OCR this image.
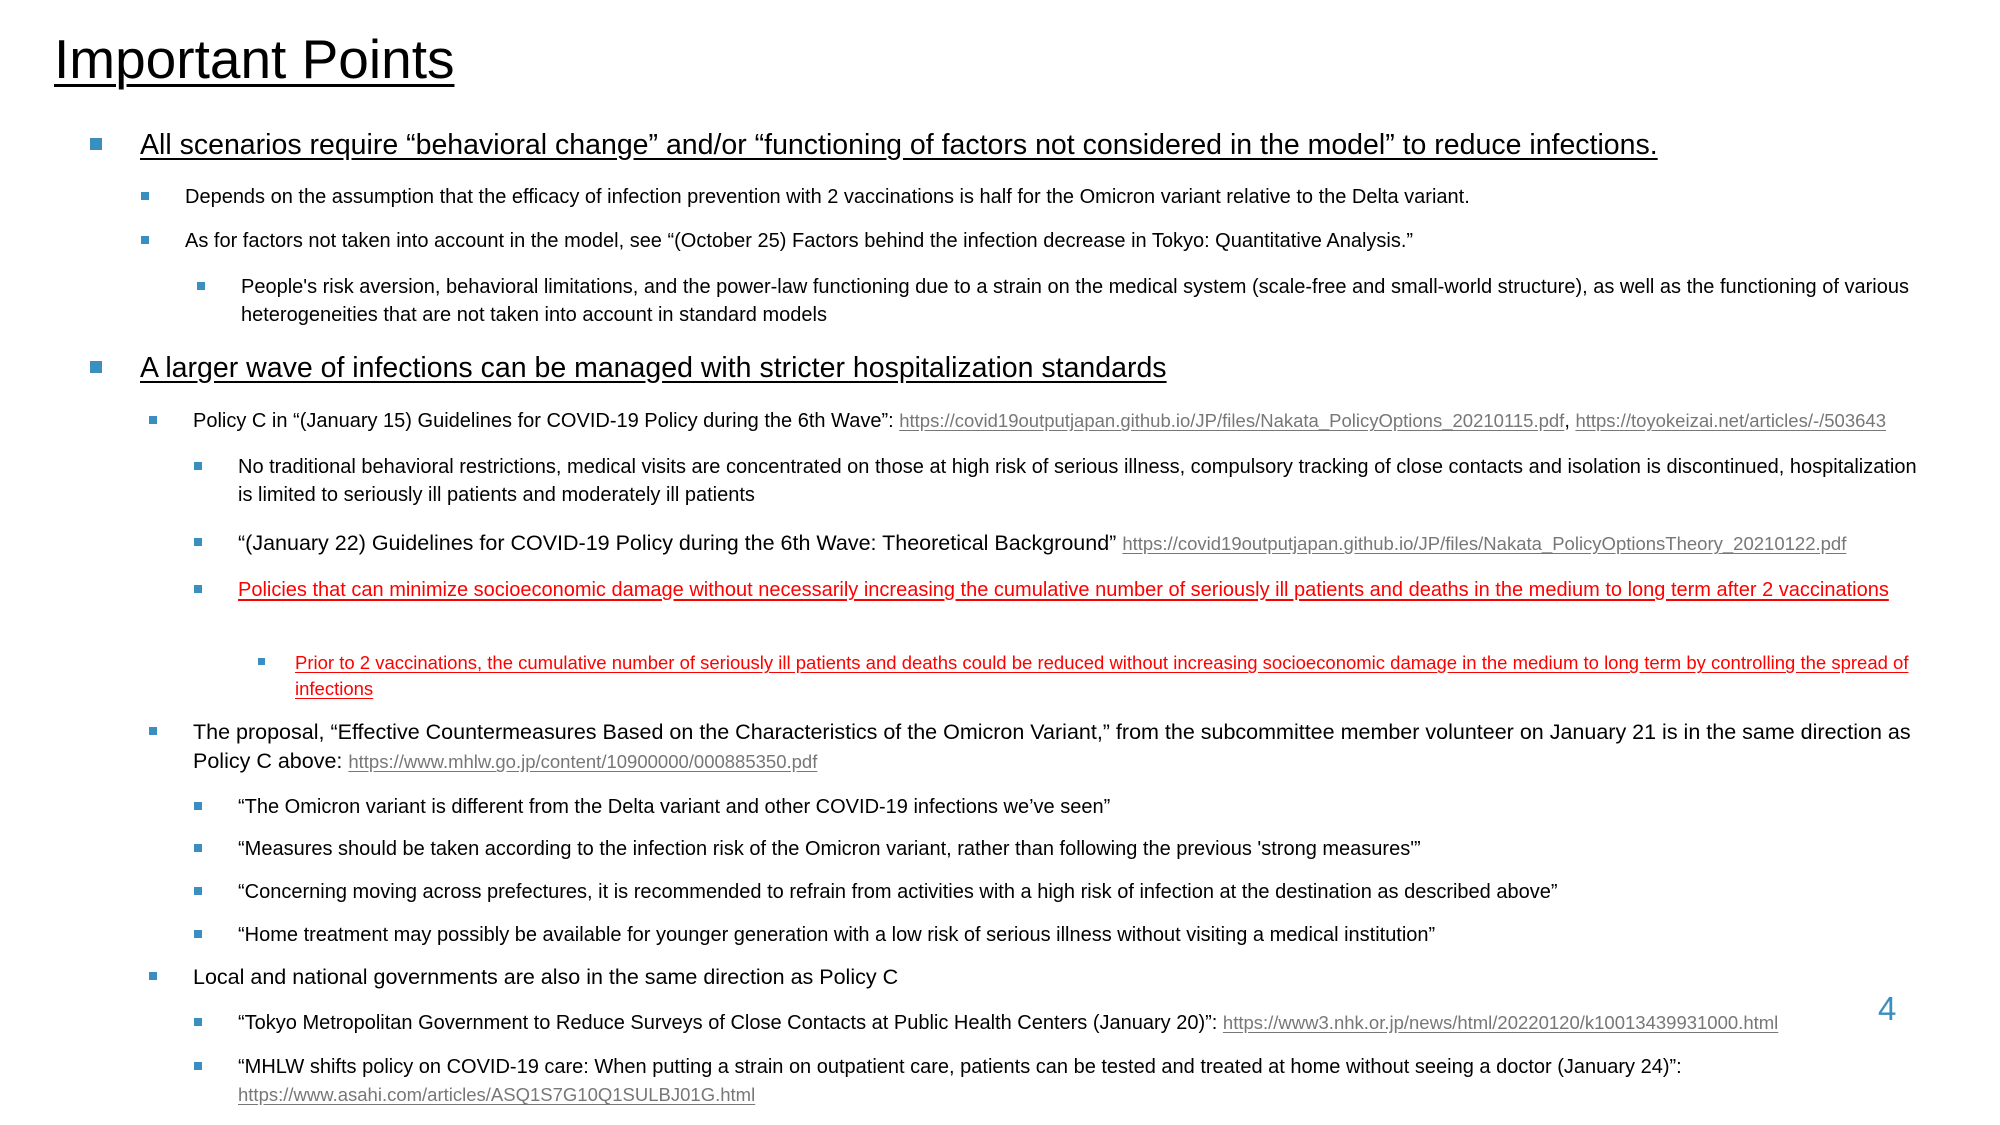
Important Points
All scenarios require “behavioral change” and/or “functioning of factors not considered in the model” to reduce infections.
Depends on the assumption that the efficacy of infection prevention with 2 vaccinations is half for the Omicron variant relative to the Delta variant.
As for factors not taken into account in the model, see “(October 25) Factors behind the infection decrease in Tokyo: Quantitative Analysis.”
People's risk aversion, behavioral limitations, and the power-law functioning due to a strain on the medical system (scale-free and small-world structure), as well as the functioning of various heterogeneities that are not taken into account in standard models
A larger wave of infections can be managed with stricter hospitalization standards
Policy C in “(January 15) Guidelines for COVID-19 Policy during the 6th Wave”: https://covid19outputjapan.github.io/JP/files/Nakata_PolicyOptions_20210115.pdf, https://toyokeizai.net/articles/-/503643
No traditional behavioral restrictions, medical visits are concentrated on those at high risk of serious illness, compulsory tracking of close contacts and isolation is discontinued, hospitalization is limited to seriously ill patients and moderately ill patients
“(January 22) Guidelines for COVID-19 Policy during the 6th Wave: Theoretical Background” https://covid19outputjapan.github.io/JP/files/Nakata_PolicyOptionsTheory_20210122.pdf
Policies that can minimize socioeconomic damage without necessarily increasing the cumulative number of seriously ill patients and deaths in the medium to long term after 2 vaccinations
Prior to 2 vaccinations, the cumulative number of seriously ill patients and deaths could be reduced without increasing socioeconomic damage in the medium to long term by controlling the spread of infections
The proposal, “Effective Countermeasures Based on the Characteristics of the Omicron Variant,” from the subcommittee member volunteer on January 21 is in the same direction as Policy C above: https://www.mhlw.go.jp/content/10900000/000885350.pdf
“The Omicron variant is different from the Delta variant and other COVID-19 infections we’ve seen”
“Measures should be taken according to the infection risk of the Omicron variant, rather than following the previous 'strong measures'”
“Concerning moving across prefectures, it is recommended to refrain from activities with a high risk of infection at the destination as described above”
“Home treatment may possibly be available for younger generation with a low risk of serious illness without visiting a medical institution”
Local and national governments are also in the same direction as Policy C
“Tokyo Metropolitan Government to Reduce Surveys of Close Contacts at Public Health Centers (January 20)”: https://www3.nhk.or.jp/news/html/20220120/k10013439931000.html
“MHLW shifts policy on COVID-19 care: When putting a strain on outpatient care, patients can be tested and treated at home without seeing a doctor (January 24)”:
https://www.asahi.com/articles/ASQ1S7G10Q1SULBJ01G.html
4
